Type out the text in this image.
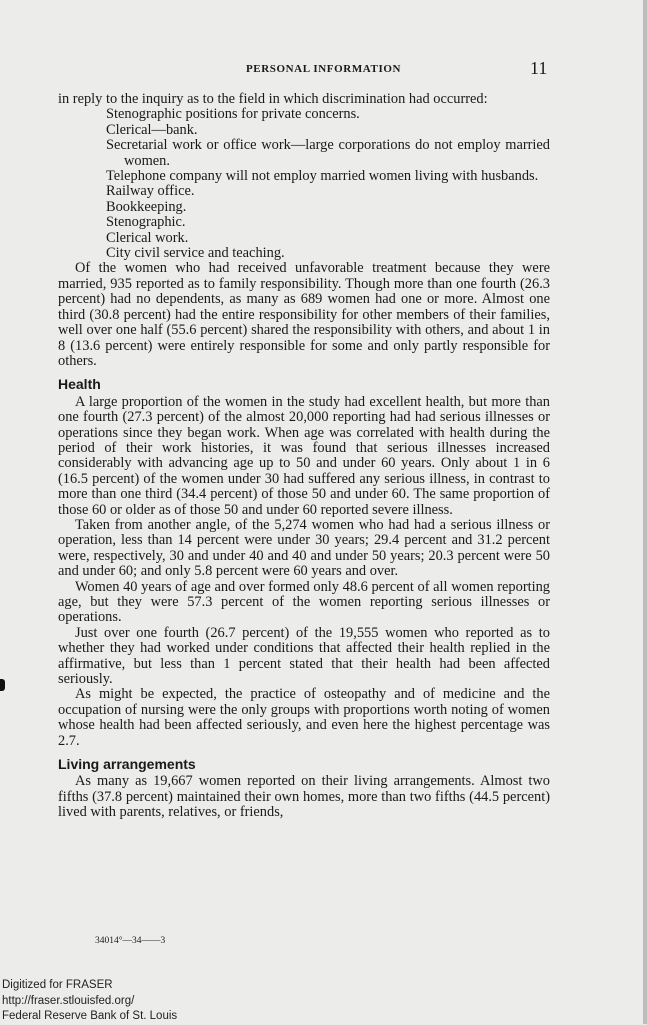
PERSONAL INFORMATION	11

in reply to the inquiry as to the field in which discrimination had occurred:

Stenographic positions for private concerns.
Clerical—bank.
Secretarial work or office work—large corporations do not employ married women.
Telephone company will not employ married women living with husbands.
Railway office.
Bookkeeping.
Stenographic.
Clerical work.
City civil service and teaching.

Of the women who had received unfavorable treatment because they were married, 935 reported as to family responsibility. Though more than one fourth (26.3 percent) had no dependents, as many as 689 women had one or more. Almost one third (30.8 percent) had the entire responsibility for other members of their families, well over one half (55.6 percent) shared the responsibility with others, and about 1 in 8 (13.6 percent) were entirely responsible for some and only partly responsible for others.

Health

A large proportion of the women in the study had excellent health, but more than one fourth (27.3 percent) of the almost 20,000 reporting had had serious illnesses or operations since they began work. When age was correlated with health during the period of their work histories, it was found that serious illnesses increased considerably with advancing age up to 50 and under 60 years. Only about 1 in 6 (16.5 percent) of the women under 30 had suffered any serious illness, in contrast to more than one third (34.4 percent) of those 50 and under 60. The same proportion of those 60 or older as of those 50 and under 60 reported severe illness.

Taken from another angle, of the 5,274 women who had had a serious illness or operation, less than 14 percent were under 30 years; 29.4 percent and 31.2 percent were, respectively, 30 and under 40 and 40 and under 50 years; 20.3 percent were 50 and under 60; and only 5.8 percent were 60 years and over.

Women 40 years of age and over formed only 48.6 percent of all women reporting age, but they were 57.3 percent of the women reporting serious illnesses or operations.

Just over one fourth (26.7 percent) of the 19,555 women who reported as to whether they had worked under conditions that affected their health replied in the affirmative, but less than 1 percent stated that their health had been affected seriously.

As might be expected, the practice of osteopathy and of medicine and the occupation of nursing were the only groups with proportions worth noting of women whose health had been affected seriously, and even here the highest percentage was 2.7.

Living arrangements

As many as 19,667 women reported on their living arrangements. Almost two fifths (37.8 percent) maintained their own homes, more than two fifths (44.5 percent) lived with parents, relatives, or friends,

34014°—34——3
Digitized for FRASER
http://fraser.stlouisfed.org/
Federal Reserve Bank of St. Louis
